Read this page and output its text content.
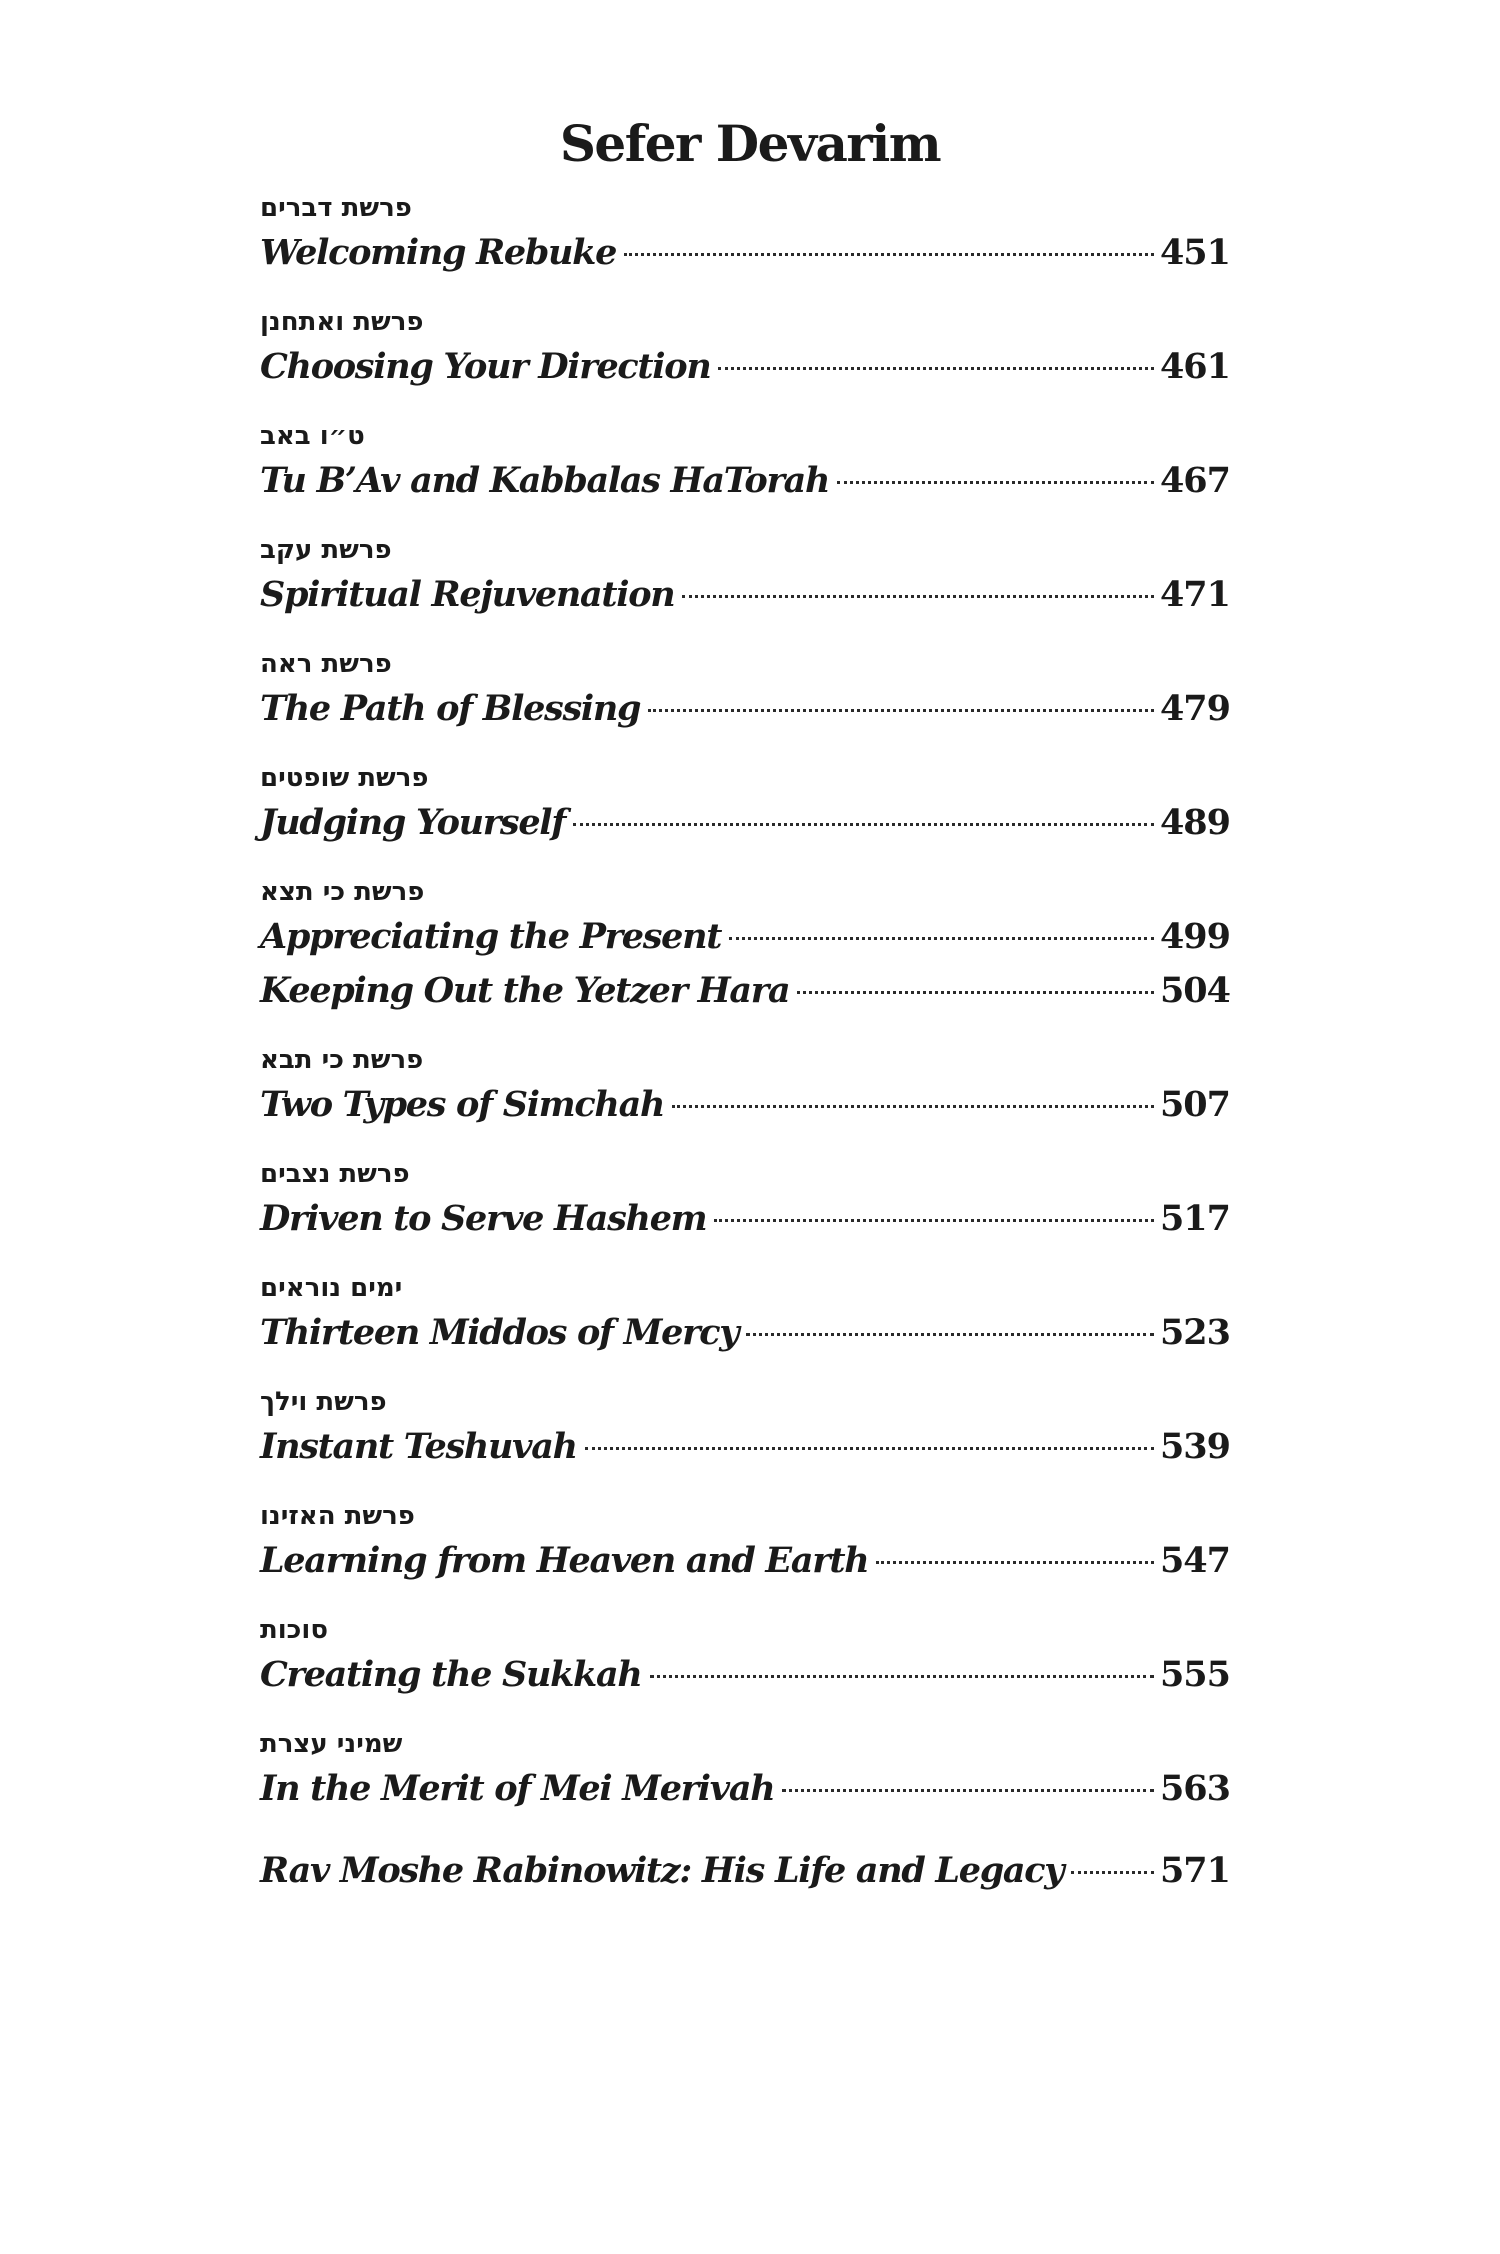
Sefer Devarim
פרשת דברים
Welcoming Rebuke	451
פרשת ואתחנן
Choosing Your Direction	461
ט״ו באב
Tu B’Av and Kabbalas HaTorah	467
פרשת עקב
Spiritual Rejuvenation	471
פרשת ראה
The Path of Blessing	479
פרשת שופטים
Judging Yourself	489
פרשת כי תצא
Appreciating the Present	499
Keeping Out the Yetzer Hara	504
פרשת כי תבא
Two Types of Simchah	507
פרשת נצבים
Driven to Serve Hashem	517
ימים נוראים
Thirteen Middos of Mercy	523
פרשת וילך
Instant Teshuvah	539
פרשת האזינו
Learning from Heaven and Earth	547
סוכות
Creating the Sukkah	555
שמיני עצרת
In the Merit of Mei Merivah	563
Rav Moshe Rabinowitz: His Life and Legacy	571
